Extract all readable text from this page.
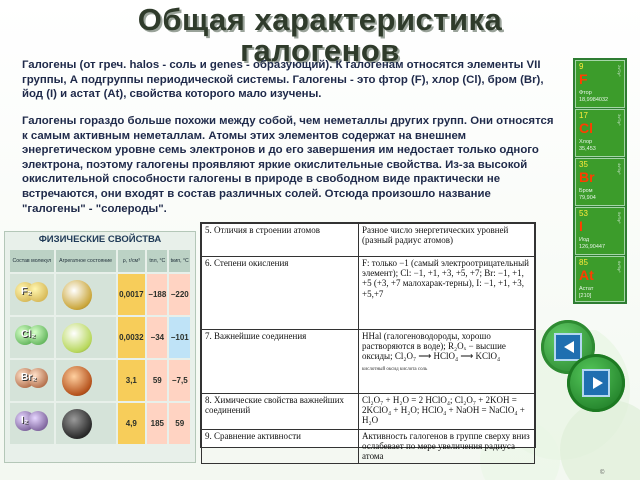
Общая характеристика
галогенов
Галогены (от греч. halos - соль и genes - образующий). К галогенам относятся элементы VII группы, А подгруппы периодической системы. Галогены - это фтор (F), хлор (Cl), бром (Br), йод (I) и астат (At), свойства которого мало изучены.
Галогены гораздо больше похожи между собой, чем неметаллы других групп. Они относятся к самым активным неметаллам. Атомы этих элементов содержат на внешнем энергетическом уровне семь электронов и до его завершения им недостает только одного электрона, поэтому галогены проявляют яркие окислительные свойства. Из-за высокой окислительной способности галогены в природе в свободном виде практически не встречаются, они входят в состав различных солей. Отсюда произошло название "галогены" - "солероды".
9
F
Фтор
18,9984032
2s²2p⁵
17
Cl
Хлор
35,453
3s²3p⁵
35
Br
Бром
79,904
4s²4p⁵
53
I
Иод
126,90447
5s²5p⁵
85
At
Астат
[210]
6s²6p⁵
ФИЗИЧЕСКИЕ СВОЙСТВА
Состав молекул	Агрегатное состояние	ρ, г/см³	tпл, °С	tкип, °С

F₂		0,0017	−188	−220

Cl₂		0,0032	−34	−101

Br₂		3,1	59	−7,5

I₂		4,9	185	59
5. Отличия в строении атомов	Разное число энергетических уровней (разный радиус атомов)
6. Степени окисления	F: только −1 (самый электроотрицательный элемент); Cl: −1, +1, +3, +5, +7; Br: −1, +1, +5 (+3, +7 малохарак-терны), I: −1, +1, +3, +5,+7
7. Важнейшие соединения	HHal (галогеноводороды, хорошо растворяются в воде); R₂Oₓ − высшие оксиды; Cl₂O₇ ⟶ HClO₄ ⟶ KClO₄
кислотный оксид кислота соль
8. Химические свойства важнейших соединений	Cl₂O₇ + H₂O = 2 HClO₄; Cl₂O₇ + 2KOH = 2KClO₄ + H₂O; HClO₄ + NaOH = NaClO₄ + H₂O
9. Сравнение активности	Активность галогенов в группе сверху вниз ослабевает по мере увеличения радиуса атома
©
